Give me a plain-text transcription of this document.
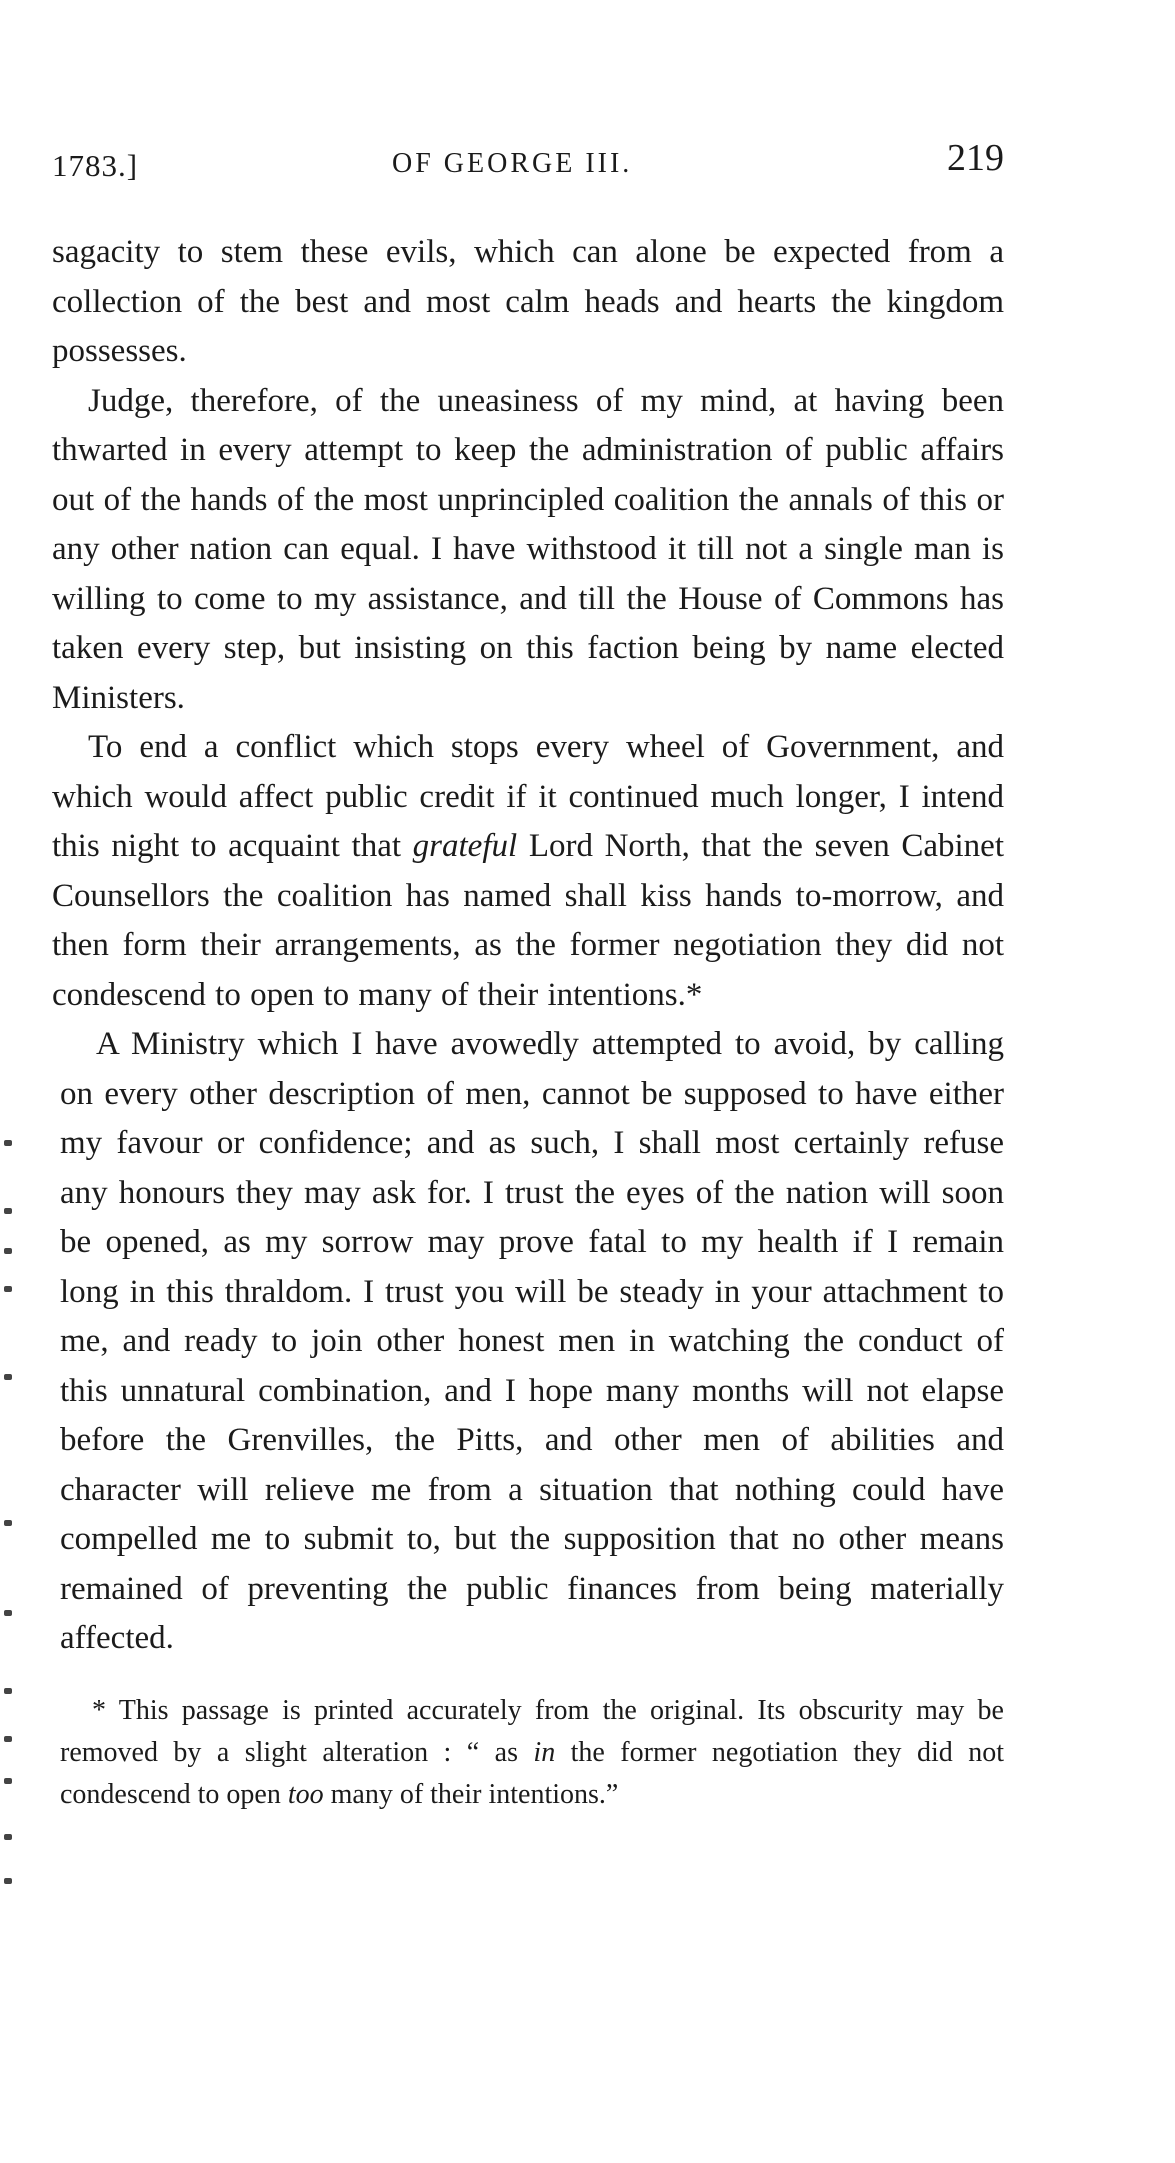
1783.]	OF GEORGE III.	219

sagacity to stem these evils, which can alone be expected from a collection of the best and most calm heads and hearts the kingdom possesses.

Judge, therefore, of the uneasiness of my mind, at having been thwarted in every attempt to keep the administration of public affairs out of the hands of the most unprincipled coalition the annals of this or any other nation can equal. I have withstood it till not a single man is willing to come to my assistance, and till the House of Commons has taken every step, but insisting on this faction being by name elected Ministers.

To end a conflict which stops every wheel of Government, and which would affect public credit if it continued much longer, I intend this night to acquaint that grateful Lord North, that the seven Cabinet Counsellors the coalition has named shall kiss hands to-morrow, and then form their arrangements, as the former negotiation they did not condescend to open to many of their intentions.*

A Ministry which I have avowedly attempted to avoid, by calling on every other description of men, cannot be supposed to have either my favour or confidence; and as such, I shall most certainly refuse any honours they may ask for. I trust the eyes of the nation will soon be opened, as my sorrow may prove fatal to my health if I remain long in this thraldom. I trust you will be steady in your attachment to me, and ready to join other honest men in watching the conduct of this unnatural combination, and I hope many months will not elapse before the Grenvilles, the Pitts, and other men of abilities and character will relieve me from a situation that nothing could have compelled me to submit to, but the supposition that no other means remained of preventing the public finances from being materially affected.

* This passage is printed accurately from the original. Its obscurity may be removed by a slight alteration : “ as in the former negotiation they did not condescend to open too many of their intentions.”
